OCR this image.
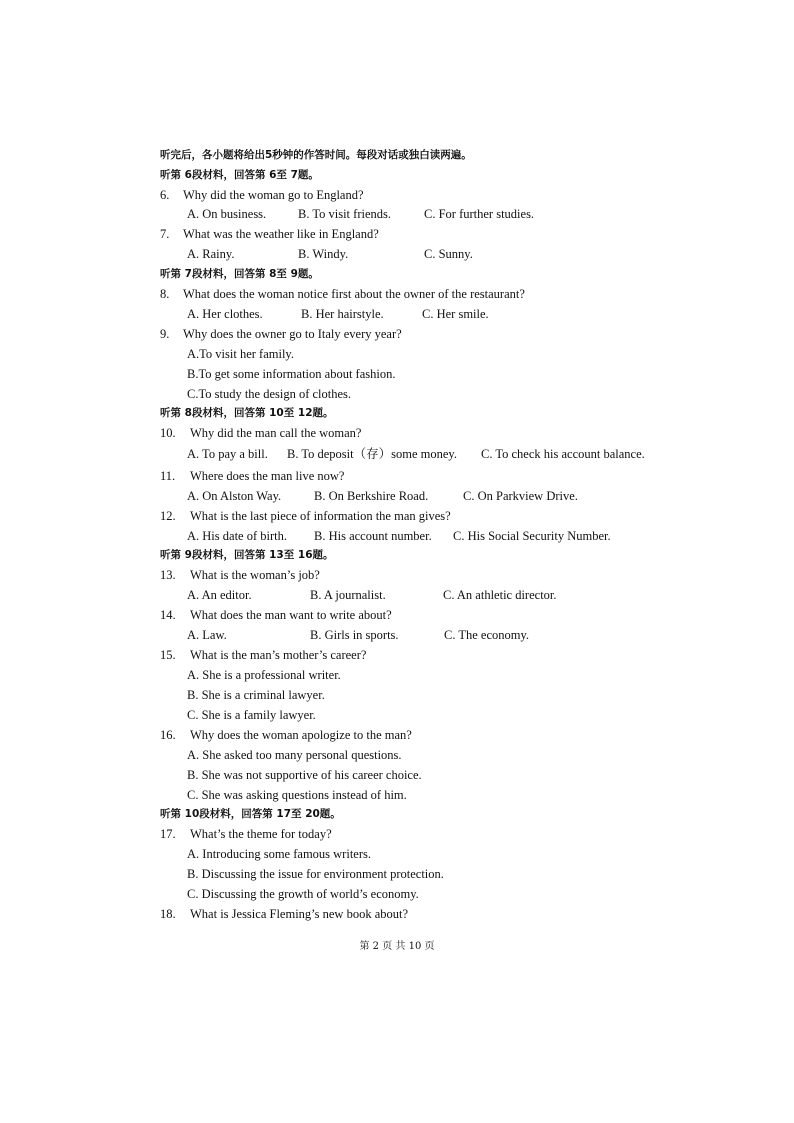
听完后，各小题将给出5秒钟的作答时间。每段对话或独白读两遍。
听第 6段材料，回答第 6至 7题。
6. Why did the woman go to England?
A. On business.	B. To visit friends.	C. For further studies.
7. What was the weather like in England?
A. Rainy.	B. Windy.	C. Sunny.
听第 7段材料，回答第 8至 9题。
8. What does the woman notice first about the owner of the restaurant?
A. Her clothes.	B. Her hairstyle.	C. Her smile.
9. Why does the owner go to Italy every year?
A.To visit her family.
B.To get some information about fashion.
C.To study the design of clothes.
听第 8段材料，回答第 10至 12题。
10. Why did the man call the woman?
A. To pay a bill. B. To deposit（存）some money. C. To check his account balance.
11. Where does the man live now?
A. On Alston Way.	B. On Berkshire Road.	C. On Parkview Drive.
12. What is the last piece of information the man gives?
A. His date of birth. B. His account number. C. His Social Security Number.
听第 9段材料，回答第 13至 16题。
13. What is the woman’s job?
A. An editor.	B. A journalist.	C. An athletic director.
14. What does the man want to write about?
A. Law.	B. Girls in sports.	C. The economy.
15. What is the man’s mother’s career?
A. She is a professional writer.
B. She is a criminal lawyer.
C. She is a family lawyer.
16. Why does the woman apologize to the man?
A. She asked too many personal questions.
B. She was not supportive of his career choice.
C. She was asking questions instead of him.
听第 10段材料，回答第 17至 20题。
17. What’s the theme for today?
A. Introducing some famous writers.
B. Discussing the issue for environment protection.
C. Discussing the growth of world’s economy.
18. What is Jessica Fleming’s new book about?
第 2 页 共 10 页
